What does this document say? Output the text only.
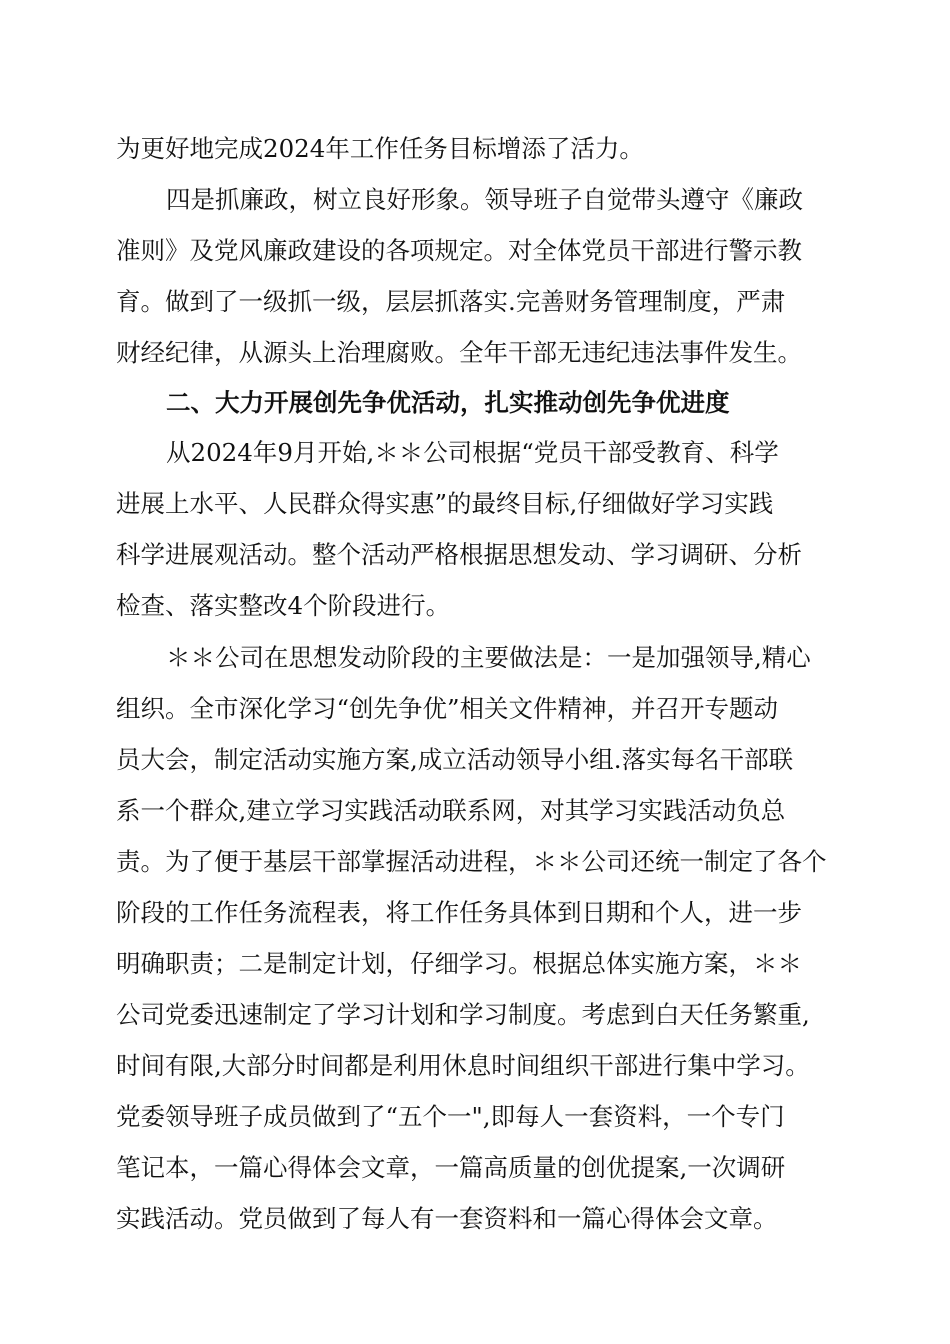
为更好地完成2024年工作任务目标增添了活力。
四是抓廉政，树立良好形象。领导班子自觉带头遵守《廉政
准则》及党风廉政建设的各项规定。对全体党员干部进行警示教
育。做到了一级抓一级，层层抓落实.完善财务管理制度，严肃
财经纪律，从源头上治理腐败。全年干部无违纪违法事件发生。
二、大力开展创先争优活动，扎实推动创先争优进度
从2024年9月开始,＊＊公司根据“党员干部受教育、科学
进展上水平、人民群众得实惠”的最终目标,仔细做好学习实践
科学进展观活动。整个活动严格根据思想发动、学习调研、分析
检查、落实整改4个阶段进行。
＊＊公司在思想发动阶段的主要做法是：一是加强领导,精心
组织。全市深化学习“创先争优”相关文件精神，并召开专题动
员大会，制定活动实施方案,成立活动领导小组.落实每名干部联
系一个群众,建立学习实践活动联系网，对其学习实践活动负总
责。为了便于基层干部掌握活动进程，＊＊公司还统一制定了各个
阶段的工作任务流程表，将工作任务具体到日期和个人，进一步
明确职责；二是制定计划，仔细学习。根据总体实施方案，＊＊
公司党委迅速制定了学习计划和学习制度。考虑到白天任务繁重,
时间有限,大部分时间都是利用休息时间组织干部进行集中学习。
党委领导班子成员做到了“五个一",即每人一套资料，一个专门
笔记本，一篇心得体会文章，一篇高质量的创优提案,一次调研
实践活动。党员做到了每人有一套资料和一篇心得体会文章。
